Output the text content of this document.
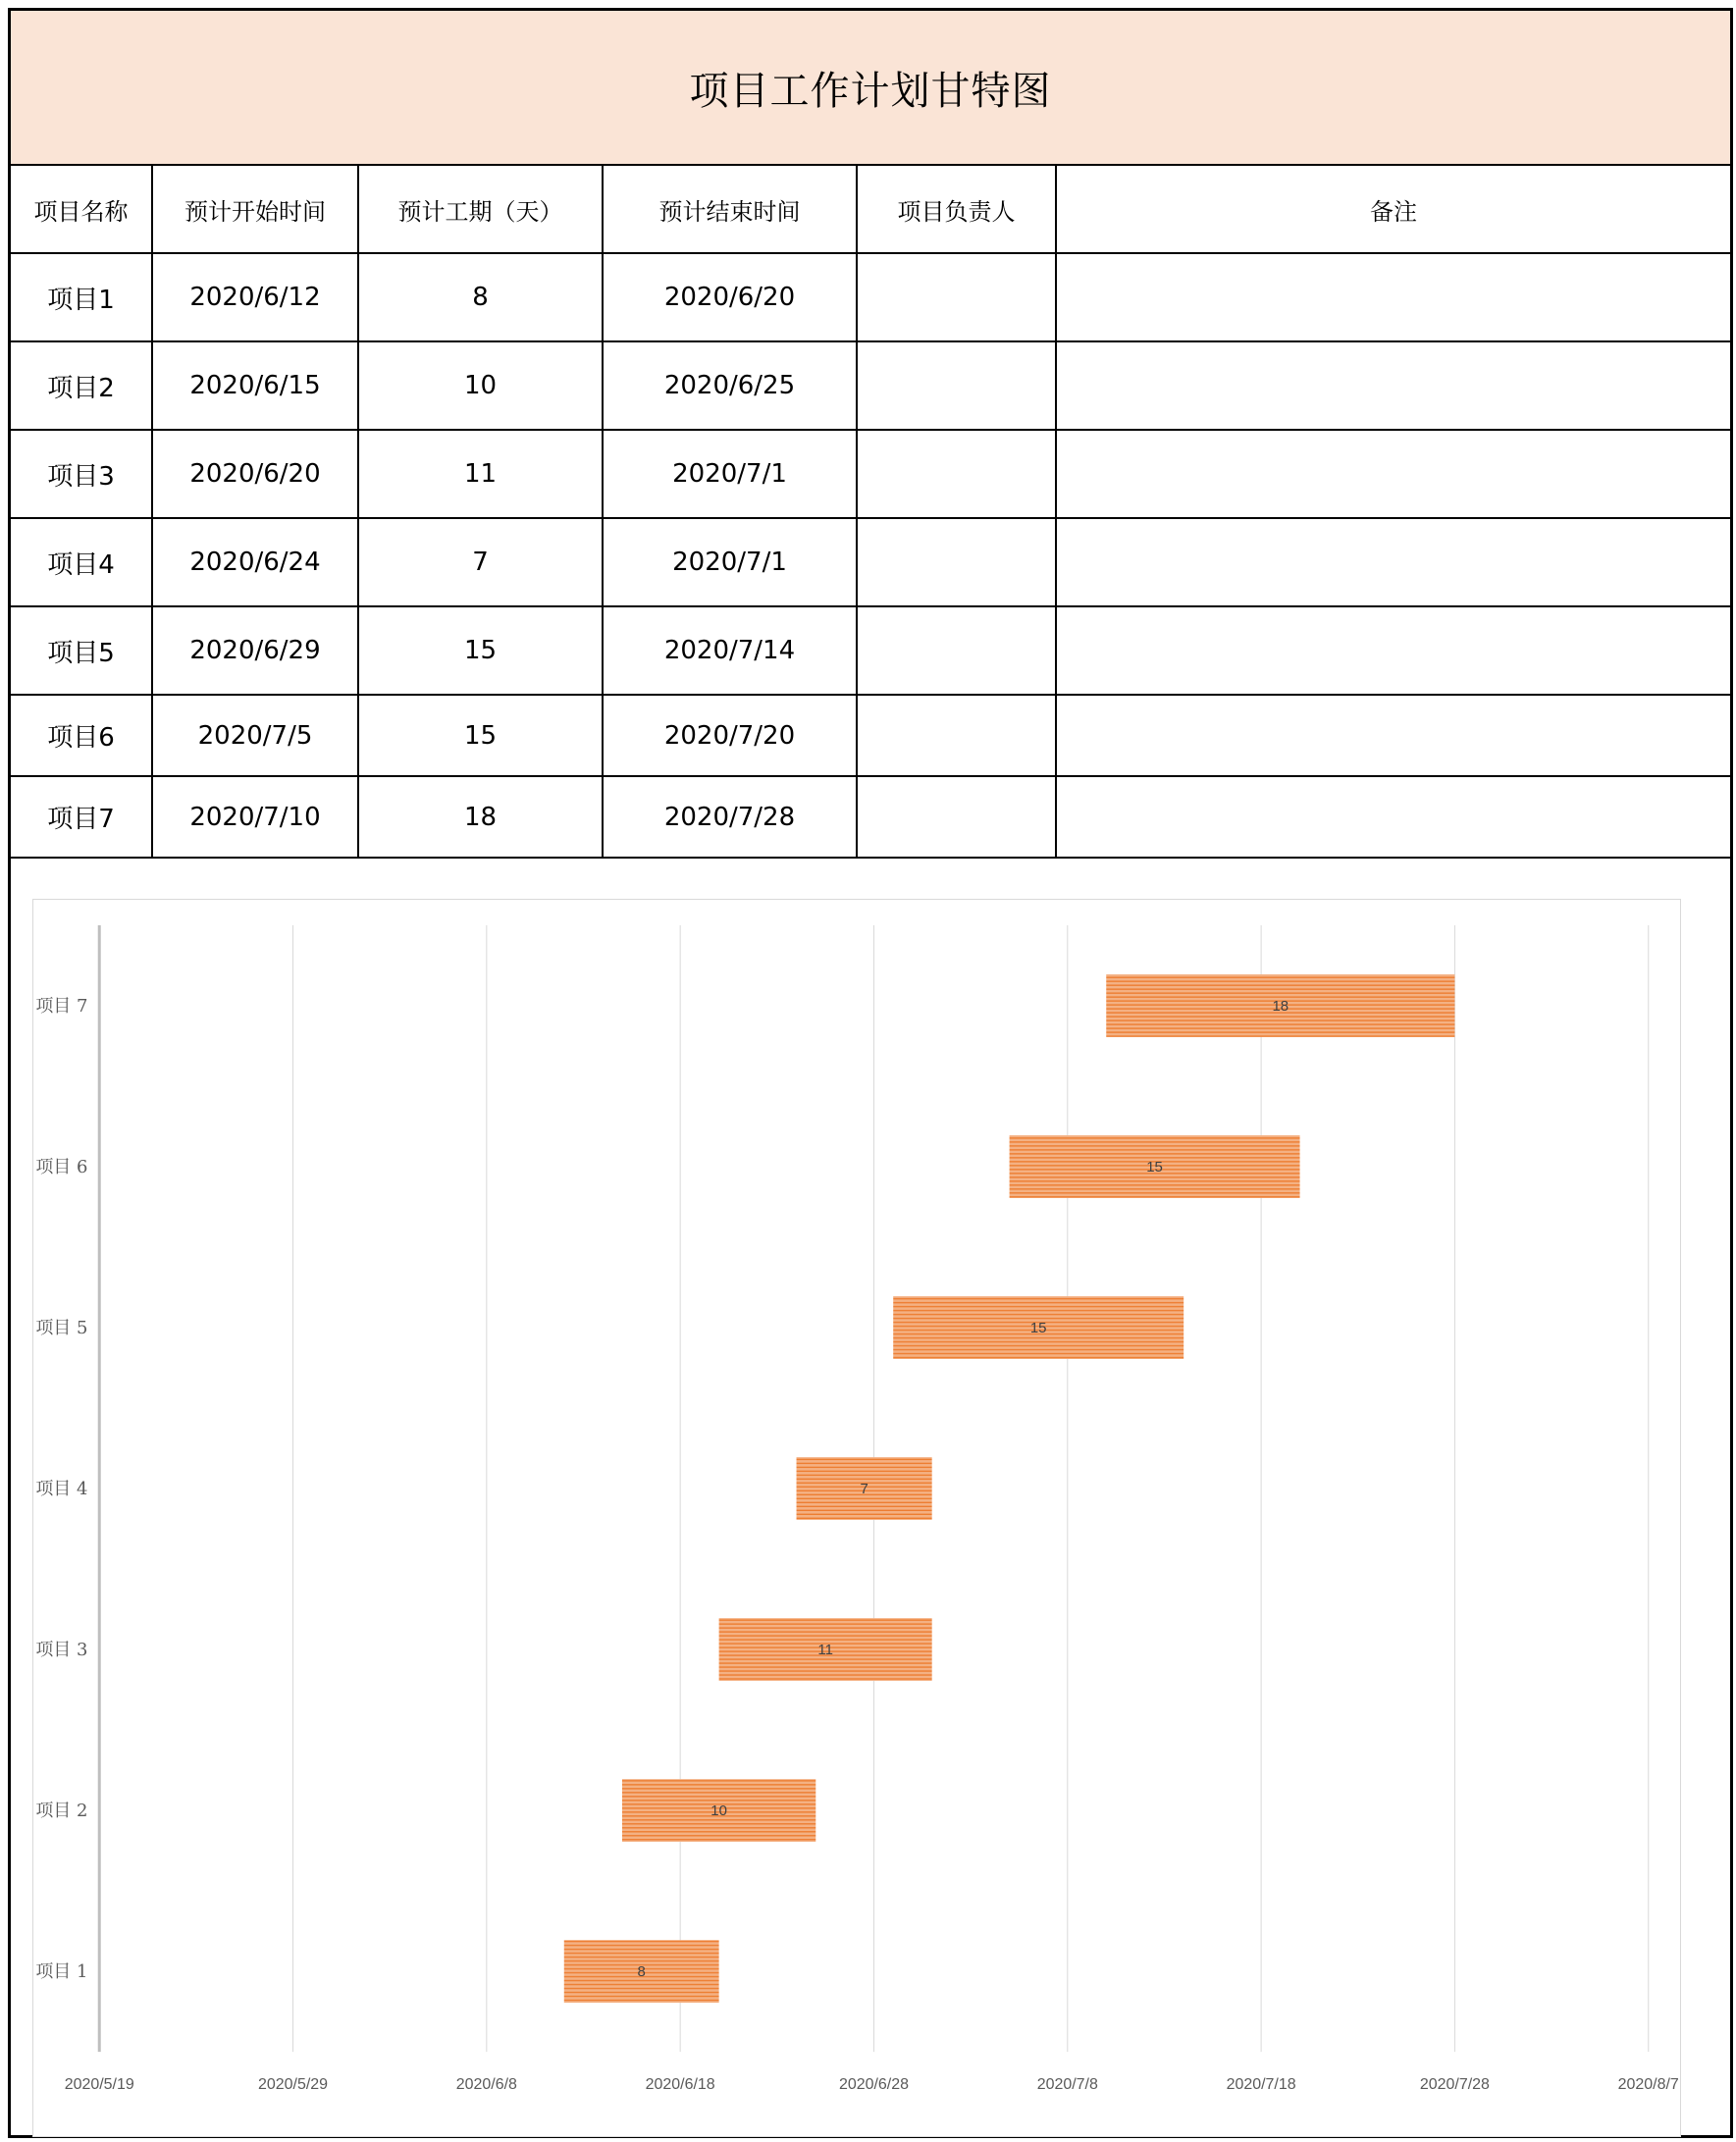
项目工作计划甘特图
项目名称	预计开始时间	预计工期（天）	预计结束时间	项目负责人	备注
项目1	2020/6/12	8	2020/6/20		
项目2	2020/6/15	10	2020/6/25		
项目3	2020/6/20	11	2020/7/1		
项目4	2020/6/24	7	2020/7/1		
项目5	2020/6/29	15	2020/7/14		
项目6	2020/7/5	15	2020/7/20		
项目7	2020/7/10	18	2020/7/28		
8
10
11
7
15
15
18
2020/5/19	2020/5/29	2020/6/8	2020/6/18	2020/6/28	2020/7/8	2020/7/18	2020/7/28	2020/8/7
项目 1
项目 2
项目 3
项目 4
项目 5
项目 6
项目 7
